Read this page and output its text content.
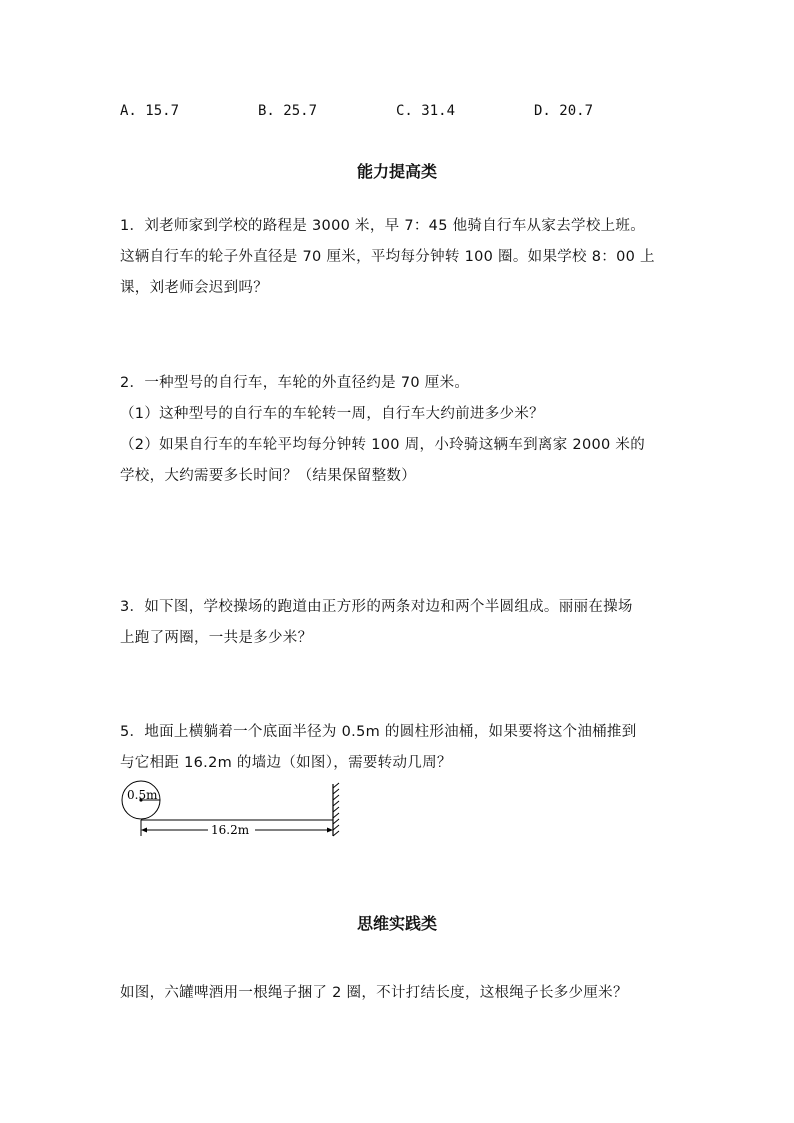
A. 15.7	B. 25.7	C. 31.4	D. 20.7
能力提高类
1．刘老师家到学校的路程是 3000 米，早 7：45 他骑自行车从家去学校上班。
这辆自行车的轮子外直径是 70 厘米，平均每分钟转 100 圈。如果学校 8：00 上
课，刘老师会迟到吗？
2．一种型号的自行车，车轮的外直径约是 70 厘米。
（1）这种型号的自行车的车轮转一周，自行车大约前进多少米？
（2）如果自行车的车轮平均每分钟转 100 周，小玲骑这辆车到离家 2000 米的
学校，大约需要多长时间？（结果保留整数）
3．如下图，学校操场的跑道由正方形的两条对边和两个半圆组成。丽丽在操场
上跑了两圈，一共是多少米？
5．地面上横躺着一个底面半径为 0.5m 的圆柱形油桶，如果要将这个油桶推到
与它相距 16.2m 的墙边（如图），需要转动几周？
0.5m
16.2m
思维实践类
如图，六罐啤酒用一根绳子捆了 2 圈，不计打结长度，这根绳子长多少厘米？
